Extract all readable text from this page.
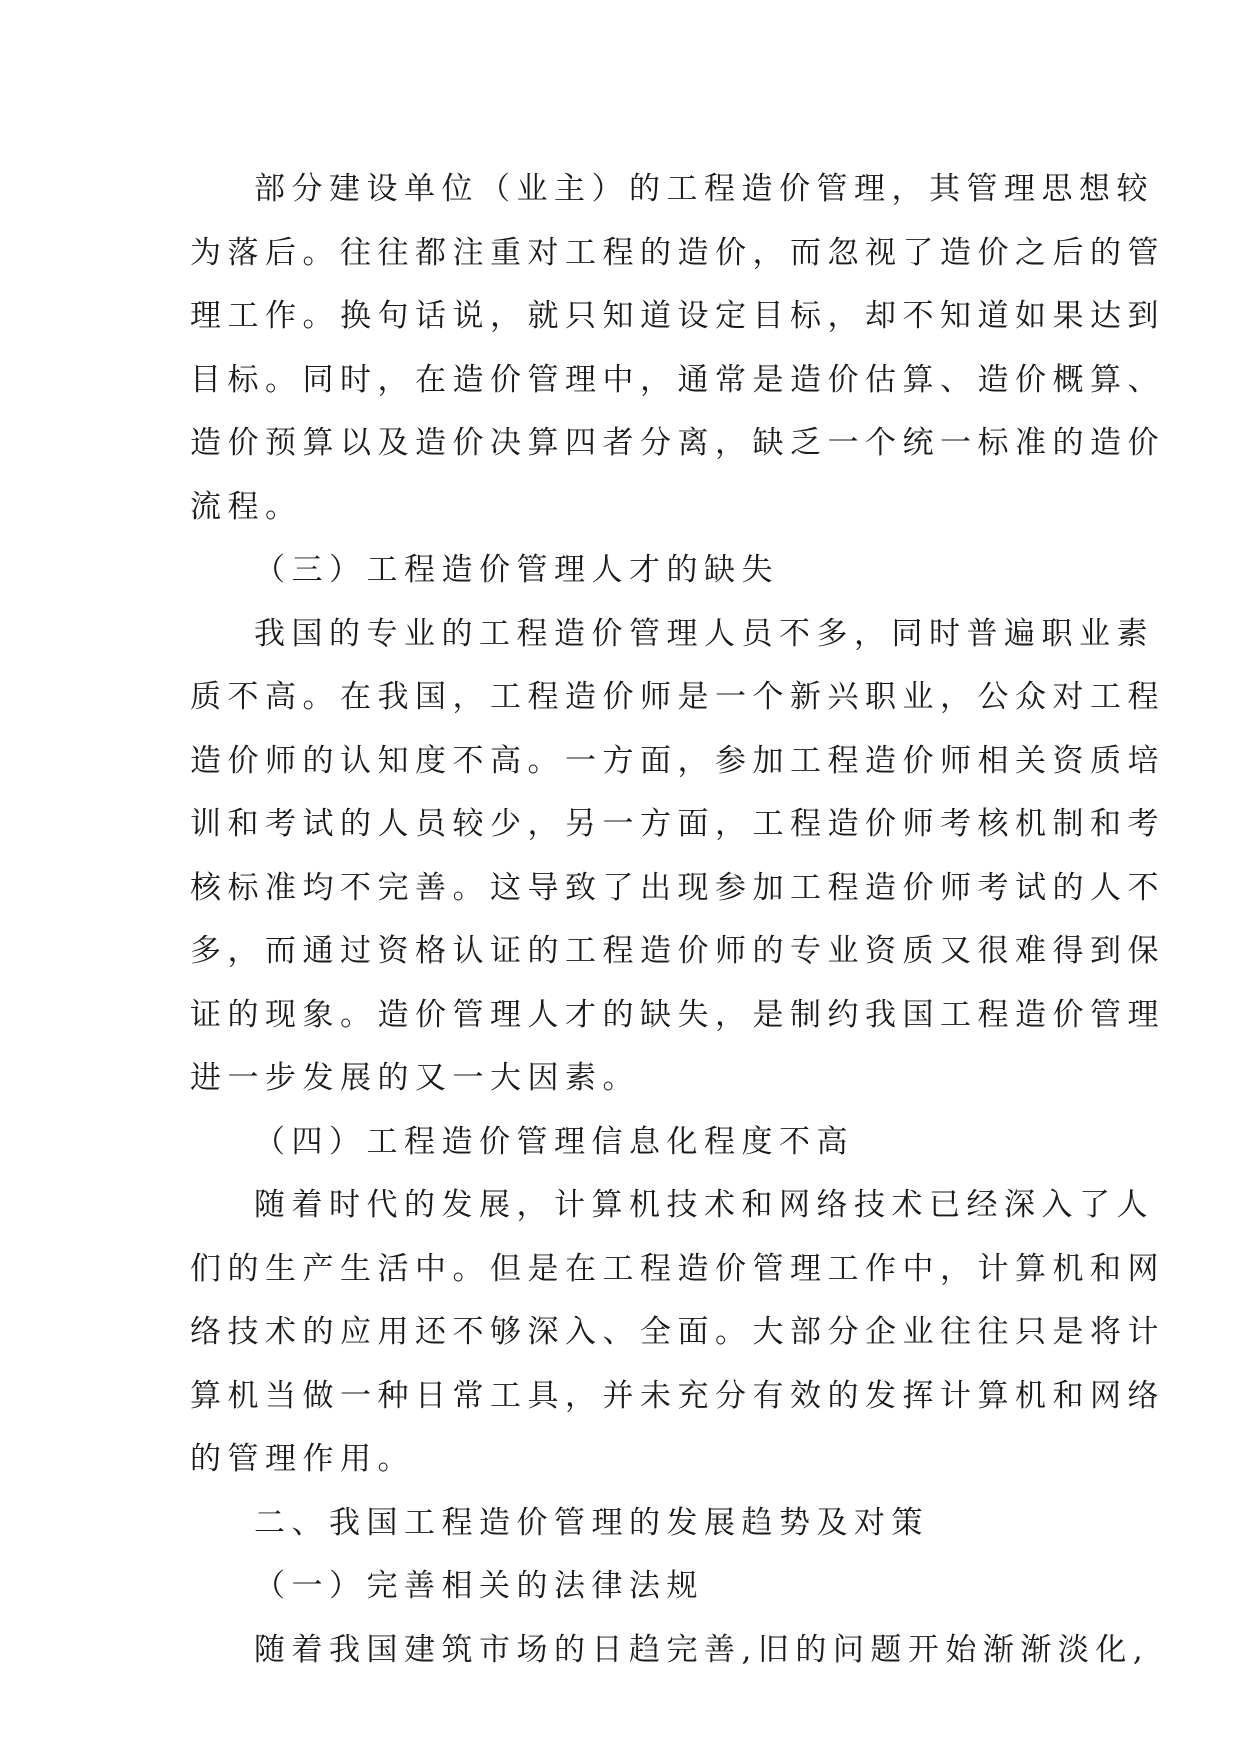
部分建设单位（业主）的工程造价管理，其管理思想较
为落后。往往都注重对工程的造价，而忽视了造价之后的管
理工作。换句话说，就只知道设定目标，却不知道如果达到
目标。同时，在造价管理中，通常是造价估算、造价概算、
造价预算以及造价决算四者分离，缺乏一个统一标准的造价
流程。
（三）工程造价管理人才的缺失
我国的专业的工程造价管理人员不多，同时普遍职业素
质不高。在我国，工程造价师是一个新兴职业，公众对工程
造价师的认知度不高。一方面，参加工程造价师相关资质培
训和考试的人员较少，另一方面，工程造价师考核机制和考
核标准均不完善。这导致了出现参加工程造价师考试的人不
多，而通过资格认证的工程造价师的专业资质又很难得到保
证的现象。造价管理人才的缺失，是制约我国工程造价管理
进一步发展的又一大因素。
（四）工程造价管理信息化程度不高
随着时代的发展，计算机技术和网络技术已经深入了人
们的生产生活中。但是在工程造价管理工作中，计算机和网
络技术的应用还不够深入、全面。大部分企业往往只是将计
算机当做一种日常工具，并未充分有效的发挥计算机和网络
的管理作用。
二、我国工程造价管理的发展趋势及对策
（一）完善相关的法律法规
随着我国建筑市场的日趋完善,旧的问题开始渐渐淡化,
